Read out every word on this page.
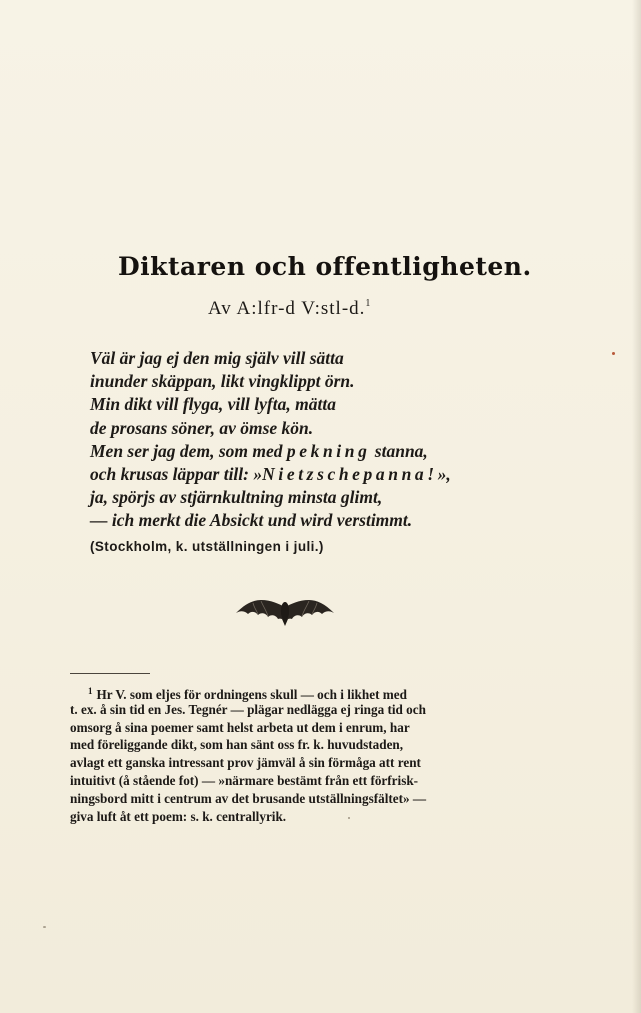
Diktaren och offentligheten.
Av A:lfr-d V:stl-d.$^1$
Väl är jag ej den mig själv vill sätta
inunder skäppan, likt vingklippt örn.
Min dikt vill flyga, vill lyfta, mätta
de prosans söner, av ömse kön.
Men ser jag dem, som med pekning stanna,
och krusas läppar till: »Nietzschepanna!»,
ja, spörjs av stjärnkultning minsta glimt,
— ich merkt die Absickt und wird verstimmt.
(Stockholm, k. utställningen i juli.)
$^1$ Hr V. som eljes för ordningens skull — och i likhet med
t. ex. å sin tid en Jes. Tegnér — plägar nedlägga ej ringa tid och
omsorg å sina poemer samt helst arbeta ut dem i enrum, har
med föreliggande dikt, som han sänt oss fr. k. huvudstaden,
avlagt ett ganska intressant prov jämväl å sin förmåga att rent
intuitivt (å stående fot) — »närmare bestämt från ett förfrisk-
ningsbord mitt i centrum av det brusande utställningsfältet» —
giva luft åt ett poem: s. k. centrallyrik.
